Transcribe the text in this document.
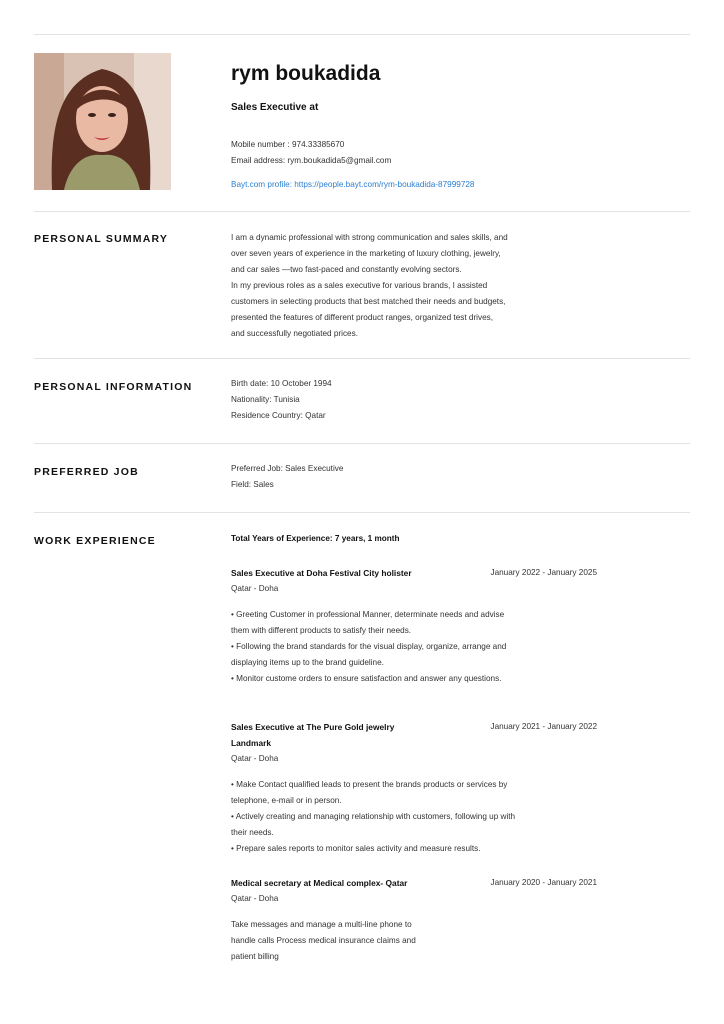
rym boukadida
Sales Executive at
Mobile number : 974.33385670
Email address: rym.boukadida5@gmail.com
Bayt.com profile: https://people.bayt.com/rym-boukadida-87999728
PERSONAL SUMMARY	I am a dynamic professional with strong communication and sales skills, and

over seven years of experience in the marketing of luxury clothing, jewelry,

and car sales —two fast-paced and constantly evolving sectors.

In my previous roles as a sales executive for various brands, I assisted

customers in selecting products that best matched their needs and budgets,

presented the features of different product ranges, organized test drives,

and successfully negotiated prices.

PERSONAL INFORMATION	Birth date: 10 October 1994

Nationality: Tunisia

Residence Country: Qatar

PREFERRED JOB	Preferred Job: Sales Executive

Field: Sales

WORK EXPERIENCE	Total Years of Experience: 7 years, 1 month
Sales Executive at Doha Festival City holister	January 2022 - January 2025
Qatar - Doha
• Greeting Customer in professional Manner, determinate needs and advise
them with different products to satisfy their needs.
• Following the brand standards for the visual display, organize, arrange and
displaying items up to the brand guideline.
• Monitor custome orders to ensure satisfaction and answer any questions.
Sales Executive at The Pure Gold jewelry Landmark
January 2021 - January 2022
Qatar - Doha
• Make Contact qualified leads to present the brands products or services by
telephone, e-mail or in person.
• Actively creating and managing relationship with customers, following up with
their needs.
• Prepare sales reports to monitor sales activity and measure results.
Medical secretary at Medical complex- Qatar	January 2020 - January 2021
Qatar - Doha
Take messages and manage a multi-line phone to
handle calls Process medical insurance claims and
patient billing
